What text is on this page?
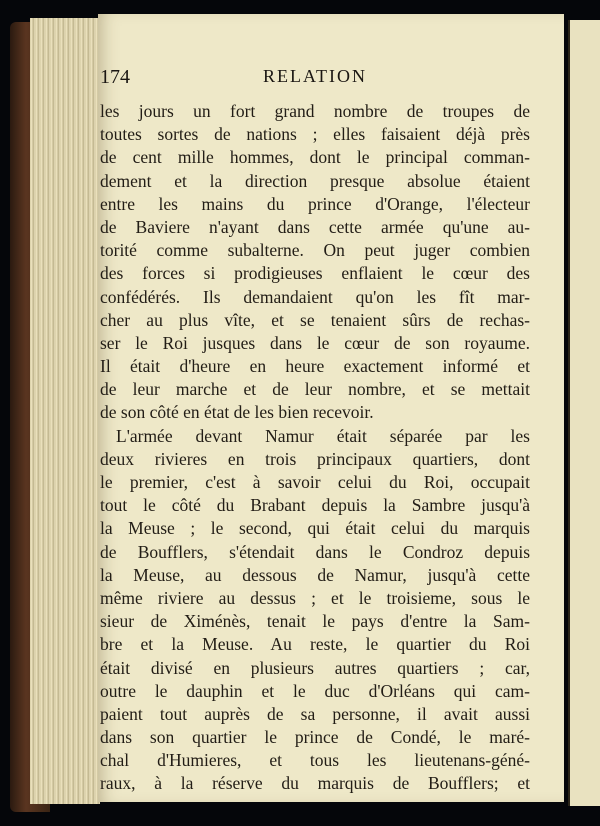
174	RELATION
les jours un fort grand nombre de troupes de
toutes sortes de nations ; elles faisaient déjà près
de cent mille hommes, dont le principal comman-
dement et la direction presque absolue étaient
entre les mains du prince d'Orange, l'électeur
de Baviere n'ayant dans cette armée qu'une au-
torité comme subalterne. On peut juger combien
des forces si prodigieuses enflaient le cœur des
confédérés. Ils demandaient qu'on les fît mar-
cher au plus vîte, et se tenaient sûrs de rechas-
ser le Roi jusques dans le cœur de son royaume.
Il était d'heure en heure exactement informé et
de leur marche et de leur nombre, et se mettait
de son côté en état de les bien recevoir.
L'armée devant Namur était séparée par les
deux rivieres en trois principaux quartiers, dont
le premier, c'est à savoir celui du Roi, occupait
tout le côté du Brabant depuis la Sambre jusqu'à
la Meuse ; le second, qui était celui du marquis
de Boufflers, s'étendait dans le Condroz depuis
la Meuse, au dessous de Namur, jusqu'à cette
même riviere au dessus ; et le troisieme, sous le
sieur de Ximénès, tenait le pays d'entre la Sam-
bre et la Meuse. Au reste, le quartier du Roi
était divisé en plusieurs autres quartiers ; car,
outre le dauphin et le duc d'Orléans qui cam-
paient tout auprès de sa personne, il avait aussi
dans son quartier le prince de Condé, le maré-
chal d'Humieres, et tous les lieutenans-géné-
raux, à la réserve du marquis de Boufflers; et
